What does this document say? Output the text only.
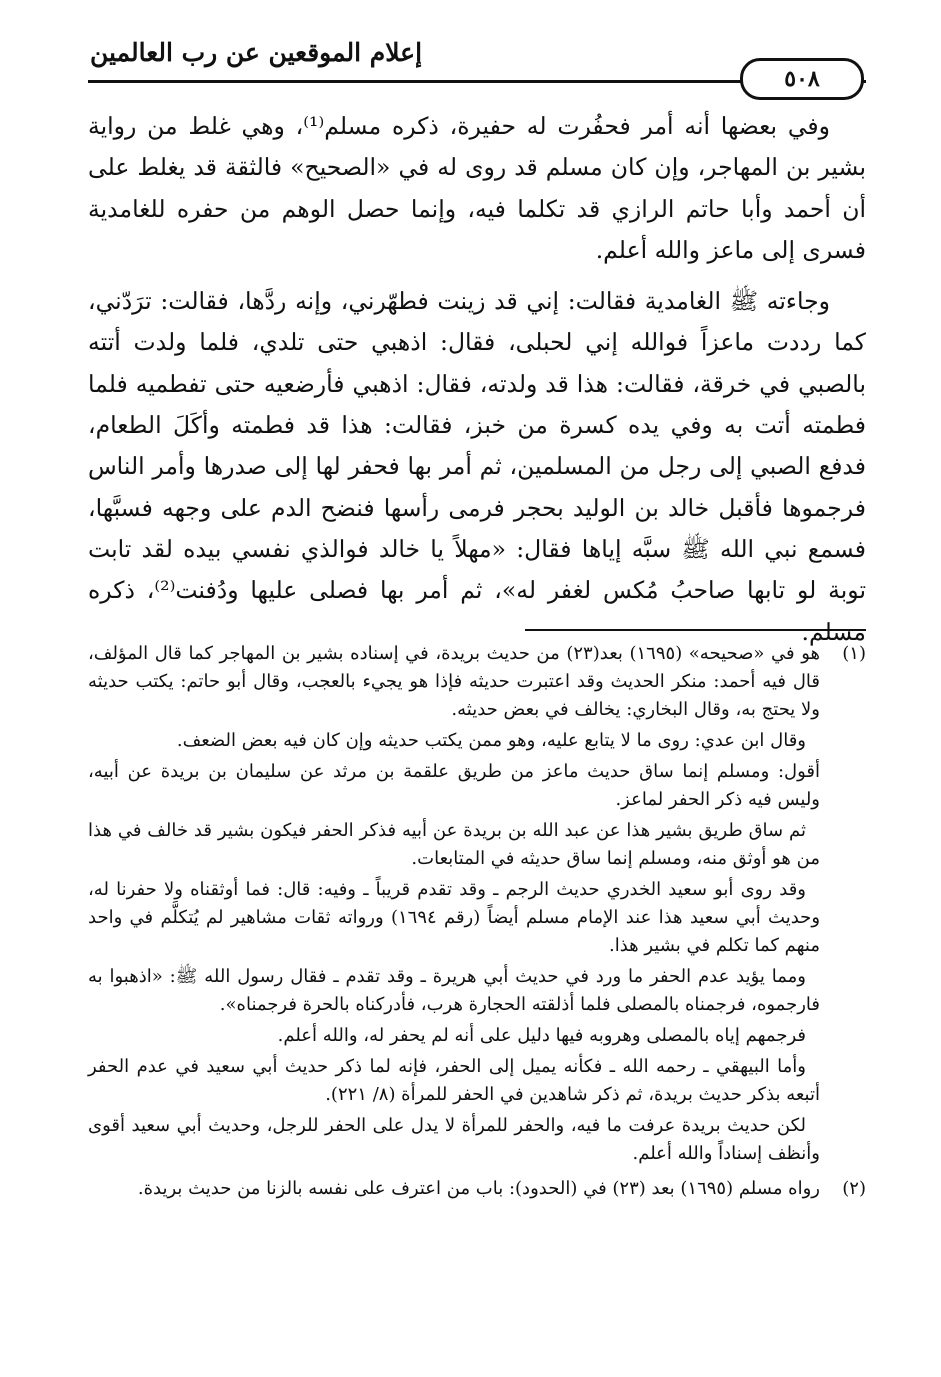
إعلام الموقعين عن رب العالمين
٥٠٨

وفي بعضها أنه أمر فحفُرت له حفيرة، ذكره مسلم⁽¹⁾، وهي غلط من رواية بشير بن المهاجر، وإن كان مسلم قد روى له في «الصحيح» فالثقة قد يغلط على أن أحمد وأبا حاتم الرازي قد تكلما فيه، وإنما حصل الوهم من حفره للغامدية فسرى إلى ماعز والله أعلم.

وجاءته ﷺ الغامدية فقالت: إني قد زينت فطهّرني، وإنه ردَّها، فقالت: ترَدّني، كما رددت ماعزاً فوالله إني لحبلى، فقال: اذهبي حتى تلدي، فلما ولدت أتته بالصبي في خرقة، فقالت: هذا قد ولدته، فقال: اذهبي فأرضعيه حتى تفطميه فلما فطمته أتت به وفي يده كسرة من خبز، فقالت: هذا قد فطمته وأكَلَ الطعام، فدفع الصبي إلى رجل من المسلمين، ثم أمر بها فحفر لها إلى صدرها وأمر الناس فرجموها فأقبل خالد بن الوليد بحجر فرمى رأسها فنضح الدم على وجهه فسبَّها، فسمع نبي الله ﷺ سبَّه إياها فقال: «مهلاً يا خالد فوالذي نفسي بيده لقد تابت توبة لو تابها صاحبُ مُكس لغفر له»، ثم أمر بها فصلى عليها ودُفنت⁽²⁾، ذكره مسلم.

(١)

هو في «صحيحه» (١٦٩٥) بعد(٢٣) من حديث بريدة، في إسناده بشير بن المهاجر كما قال المؤلف، قال فيه أحمد: منكر الحديث وقد اعتبرت حديثه فإذا هو يجيء بالعجب، وقال أبو حاتم: يكتب حديثه ولا يحتج به، وقال البخاري: يخالف في بعض حديثه.

وقال ابن عدي: روى ما لا يتابع عليه، وهو ممن يكتب حديثه وإن كان فيه بعض الضعف.

أقول: ومسلم إنما ساق حديث ماعز من طريق علقمة بن مرثد عن سليمان بن بريدة عن أبيه، وليس فيه ذكر الحفر لماعز.

ثم ساق طريق بشير هذا عن عبد الله بن بريدة عن أبيه فذكر الحفر فيكون بشير قد خالف في هذا من هو أوثق منه، ومسلم إنما ساق حديثه في المتابعات.

وقد روى أبو سعيد الخدري حديث الرجم ـ وقد تقدم قريباً ـ وفيه: قال: فما أوثقناه ولا حفرنا له، وحديث أبي سعيد هذا عند الإمام مسلم أيضاً (رقم ١٦٩٤) ورواته ثقات مشاهير لم يُتكلَّم في واحد منهم كما تكلم في بشير هذا.

ومما يؤيد عدم الحفر ما ورد في حديث أبي هريرة ـ وقد تقدم ـ فقال رسول الله ﷺ: «اذهبوا به فارجموه، فرجمناه بالمصلى فلما أذلقته الحجارة هرب، فأدركناه بالحرة فرجمناه».

فرجمهم إياه بالمصلى وهروبه فيها دليل على أنه لم يحفر له، والله أعلم.

وأما البيهقي ـ رحمه الله ـ فكأنه يميل إلى الحفر، فإنه لما ذكر حديث أبي سعيد في عدم الحفر أتبعه بذكر حديث بريدة، ثم ذكر شاهدين في الحفر للمرأة (٨/ ٢٢١).

لكن حديث بريدة عرفت ما فيه، والحفر للمرأة لا يدل على الحفر للرجل، وحديث أبي سعيد أقوى وأنظف إسناداً والله أعلم.

(٢)

رواه مسلم (١٦٩٥) بعد (٢٣) في (الحدود): باب من اعترف على نفسه بالزنا من حديث بريدة.
